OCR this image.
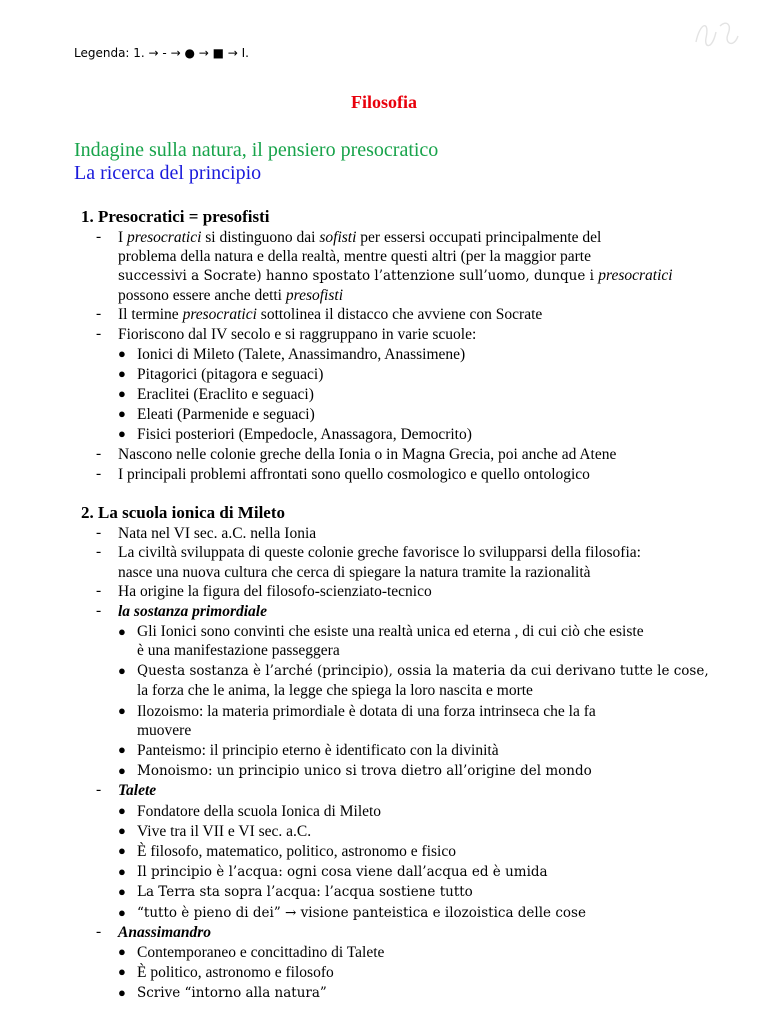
Legenda: 1. → - → ● → ■ → I.
Filosofia
Indagine sulla natura, il pensiero presocratico
La ricerca del principio
1. Presocratici = presofisti
- I presocratici si distinguono dai sofisti per essersi occupati principalmente del
problema della natura e della realtà, mentre questi altri (per la maggior parte
successivi a Socrate) hanno spostato l’attenzione sull’uomo, dunque i presocratici
possono essere anche detti presofisti
- Il termine presocratici sottolinea il distacco che avviene con Socrate
- Fioriscono dal IV secolo e si raggruppano in varie scuole:
● Ionici di Mileto (Talete, Anassimandro, Anassimene)
● Pitagorici (pitagora e seguaci)
● Eraclitei (Eraclito e seguaci)
● Eleati (Parmenide e seguaci)
● Fisici posteriori (Empedocle, Anassagora, Democrito)
- Nascono nelle colonie greche della Ionia o in Magna Grecia, poi anche ad Atene
- I principali problemi affrontati sono quello cosmologico e quello ontologico
2. La scuola ionica di Mileto
- Nata nel VI sec. a.C. nella Ionia
- La civiltà sviluppata di queste colonie greche favorisce lo svilupparsi della filosofia:
nasce una nuova cultura che cerca di spiegare la natura tramite la razionalità
- Ha origine la figura del filosofo-scienziato-tecnico
- la sostanza primordiale
● Gli Ionici sono convinti che esiste una realtà unica ed eterna , di cui ciò che esiste
è una manifestazione passeggera
● Questa sostanza è l’arché (principio), ossia la materia da cui derivano tutte le cose,
la forza che le anima, la legge che spiega la loro nascita e morte
● Ilozoismo: la materia primordiale è dotata di una forza intrinseca che la fa
muovere
● Panteismo: il principio eterno è identificato con la divinità
● Monoismo: un principio unico si trova dietro all’origine del mondo
- Talete
● Fondatore della scuola Ionica di Mileto
● Vive tra il VII e VI sec. a.C.
● È filosofo, matematico, politico, astronomo e fisico
● Il principio è l’acqua: ogni cosa viene dall’acqua ed è umida
● La Terra sta sopra l’acqua: l’acqua sostiene tutto
● “tutto è pieno di dei” → visione panteistica e ilozoistica delle cose
- Anassimandro
● Contemporaneo e concittadino di Talete
● È politico, astronomo e filosofo
● Scrive “intorno alla natura”
